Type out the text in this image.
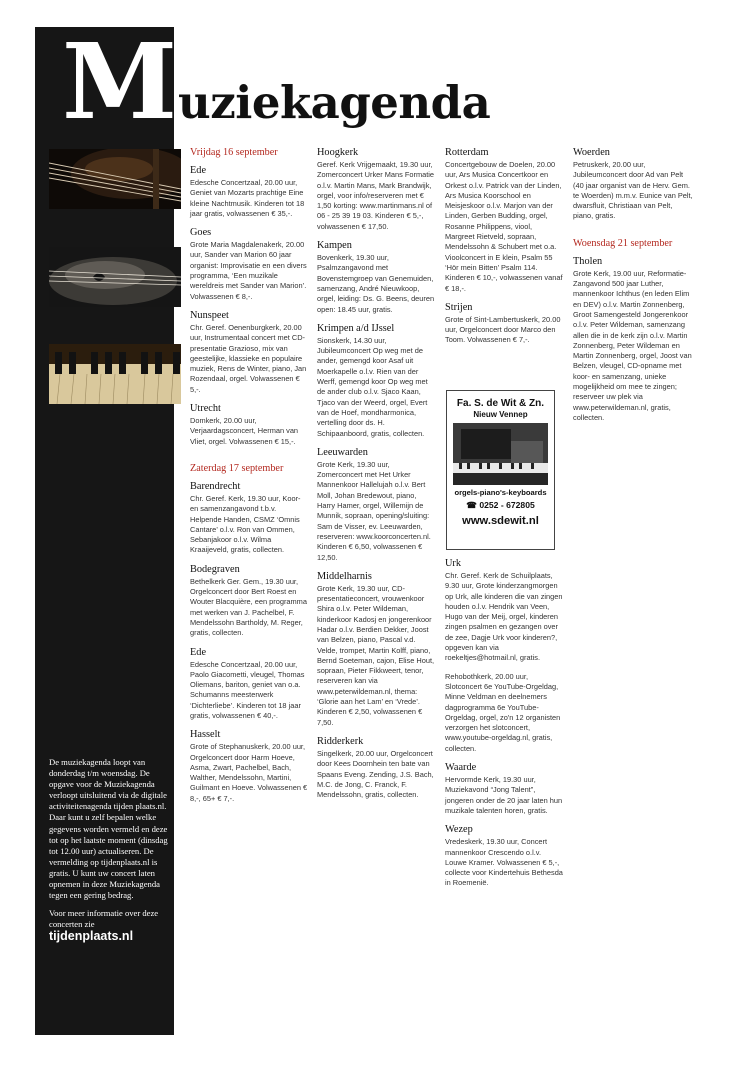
M uziekagenda

De muziekagenda loopt van donderdag t/m woensdag. De opgave voor de Muziekagenda verloopt uitsluitend via de digitale activiteitenagenda tijden plaats.nl. Daar kunt u zelf bepalen welke gegevens worden vermeld en deze tot op het laatste moment (dinsdag tot 12.00 uur) actualiseren. De vermelding op tijdenplaats.nl is gratis. U kunt uw concert laten opnemen in deze Muziekagenda tegen een gering bedrag.

Voor meer informatie over deze concerten zie
tijdenplaats.nl

Vrijdag 16 september
Ede
Edesche Concertzaal, 20.00 uur, Geniet van Mozarts prachtige Eine kleine Nachtmusik. Kinderen tot 18 jaar gratis, volwassenen € 35,-.
Goes
Grote Maria Magdalenakerk, 20.00 uur, Sander van Marion 60 jaar organist: Improvisatie en een divers programma, ‘Een muzikale wereldreis met Sander van Marion’. Volwassenen € 8,-.
Nunspeet
Chr. Geref. Oenenburgkerk, 20.00 uur, Instrumentaal concert met CD-presentatie Grazioso, mix van geestelijke, klassieke en populaire muziek, Rens de Winter, piano, Jan Rozendaal, orgel. Volwassenen € 5,-.
Utrecht
Domkerk, 20.00 uur, Verjaardagsconcert, Herman van Vliet, orgel. Volwassenen € 15,-.
Zaterdag 17 september
Barendrecht
Chr. Geref. Kerk, 19.30 uur, Koor- en samenzangavond t.b.v. Helpende Handen, CSMZ ‘Omnis Cantare’ o.l.v. Ron van Ommen, Sebanjakoor o.l.v. Wilma Kraaijeveld, gratis, collecten.
Bodegraven
Bethelkerk Ger. Gem., 19.30 uur, Orgelconcert door Bert Roest en Wouter Blacquière, een programma met werken van J. Pachelbel, F. Mendelssohn Bartholdy, M. Reger, gratis, collecten.
Ede
Edesche Concertzaal, 20.00 uur, Paolo Giacometti, vleugel, Thomas Oliemans, bariton, geniet van o.a. Schumanns meesterwerk ‘Dichterliebe’. Kinderen tot 18 jaar gratis, volwassenen € 40,-.
Hasselt
Grote of Stephanuskerk, 20.00 uur, Orgelconcert door Harm Hoeve, Asma, Zwart, Pachelbel, Bach, Walther, Mendelssohn, Martini, Guilmant en Hoeve. Volwassenen € 8,-, 65+ € 7,-.
Hoogkerk
Geref. Kerk Vrijgemaakt, 19.30 uur, Zomerconcert Urker Mans Formatie o.l.v. Martin Mans, Mark Brandwijk, orgel, voor info/reserveren met € 1,50 korting: www.martinmans.nl of 06 - 25 39 19 03. Kinderen € 5,-, volwassenen € 17,50.
Kampen
Bovenkerk, 19.30 uur, Psalmzangavond met Bovenstemgroep van Genemuiden, samenzang, André Nieuwkoop, orgel, leiding: Ds. G. Beens, deuren open: 18.45 uur, gratis.
Krimpen a/d IJssel
Sionskerk, 14.30 uur, Jubileumconcert Op weg met de ander, gemengd koor Asaf uit Moerkapelle o.l.v. Rien van der Werff, gemengd koor Op weg met de ander club o.l.v. Sjaco Kaan, Tjaco van der Weerd, orgel, Evert van de Hoef, mondharmonica, vertelling door ds. H. Schipaanboord, gratis, collecten.
Leeuwarden
Grote Kerk, 19.30 uur, Zomerconcert met Het Urker Mannenkoor Hallelujah o.l.v. Bert Moll, Johan Bredewout, piano, Harry Hamer, orgel, Willemijn de Munnik, sopraan, opening/sluiting: Sam de Visser, ev. Leeuwarden, reserveren: www.koorconcerten.nl. Kinderen € 6,50, volwassenen € 12,50.
Middelharnis
Grote Kerk, 19.30 uur, CD-presentatieconcert, vrouwenkoor Shira o.l.v. Peter Wildeman, kinderkoor Kadosj en jongerenkoor Hadar o.l.v. Berdien Dekker, Joost van Belzen, piano, Pascal v.d. Velde, trompet, Martin Kolff, piano, Bernd Soeteman, cajon, Elise Hout, sopraan, Pieter Fikkweert, tenor, reserveren kan via www.peterwildeman.nl, thema: ‘Glorie aan het Lam’ en ‘Vrede’. Kinderen € 2,50, volwassenen € 7,50.
Ridderkerk
Singelkerk, 20.00 uur, Orgelconcert door Kees Doornhein ten bate van Spaans Eveng. Zending, J.S. Bach, M.C. de Jong, C. Franck, F. Mendelssohn, gratis, collecten.
Rotterdam
Concertgebouw de Doelen, 20.00 uur, Ars Musica Concertkoor en Orkest o.l.v. Patrick van der Linden, Ars Musica Koorschool en Meisjeskoor o.l.v. Marjon van der Linden, Gerben Budding, orgel, Rosanne Philippens, viool, Margreet Rietveld, sopraan, Mendelssohn & Schubert met o.a. Vioolconcert in E klein, Psalm 55 ‘Hör mein Bitten’ Psalm 114. Kinderen € 10,-, volwassenen vanaf € 18,-.
Strijen
Grote of Sint-Lambertuskerk, 20.00 uur, Orgelconcert door Marco den Toom. Volwassenen € 7,-.
Fa. S. de Wit & Zn.
Nieuw Vennep
orgels-piano's-keyboards
☎ 0252 - 672805
www.sdewit.nl
Urk
Chr. Geref. Kerk de Schuilplaats, 9.30 uur, Grote kinderzangmorgen op Urk, alle kinderen die van zingen houden o.l.v. Hendrik van Veen, Hugo van der Meij, orgel, kinderen zingen psalmen en gezangen over de zee, Dagje Urk voor kinderen?, opgeven kan via roekeltjes@hotmail.nl, gratis.
Rehobothkerk, 20.00 uur, Slotconcert 6e YouTube-Orgeldag, Minne Veldman en deelnemers dagprogramma 6e YouTube-Orgeldag, orgel, zo'n 12 organisten verzorgen het slotconcert, www.youtube-orgeldag.nl, gratis, collecten.
Waarde
Hervormde Kerk, 19.30 uur, Muziekavond “Jong Talent”, jongeren onder de 20 jaar laten hun muzikale talenten horen, gratis.
Wezep
Vredeskerk, 19.30 uur, Concert mannenkoor Crescendo o.l.v. Louwe Kramer. Volwassenen € 5,-, collecte voor Kindertehuis Bethesda in Roemenië.
Woerden
Petruskerk, 20.00 uur, Jubileumconcert door Ad van Pelt (40 jaar organist van de Herv. Gem. te Woerden) m.m.v. Eunice van Pelt, dwarsfluit, Christiaan van Pelt, piano, gratis.
Woensdag 21 september
Tholen
Grote Kerk, 19.00 uur, Reformatie-Zangavond 500 jaar Luther, mannenkoor Ichthus (en leden Elim en DEV) o.l.v. Martin Zonnenberg, Groot Samengesteld Jongerenkoor o.l.v. Peter Wildeman, samenzang allen die in de kerk zijn o.l.v. Martin Zonnenberg, Peter Wildeman en Martin Zonnenberg, orgel, Joost van Belzen, vleugel, CD-opname met koor- en samenzang, unieke mogelijkheid om mee te zingen; reserveer uw plek via www.peterwildeman.nl, gratis, collecten.
